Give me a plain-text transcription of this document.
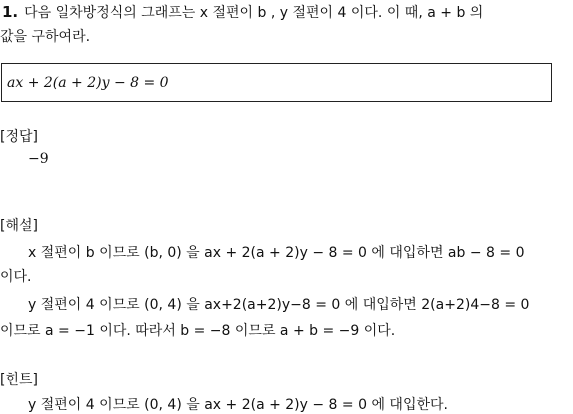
1. 다음 일차방정식의 그래프는 x 절편이 b , y 절편이 4 이다. 이 때, a + b 의
값을 구하여라.
ax + 2(a + 2)y − 8 = 0
[정답]
−9
[해설]
x 절편이 b 이므로 (b, 0) 을 ax + 2(a + 2)y − 8 = 0 에 대입하면 ab − 8 = 0
이다.
y 절편이 4 이므로 (0, 4) 을 ax+2(a+2)y−8 = 0 에 대입하면 2(a+2)4−8 = 0
이므로 a = −1 이다. 따라서 b = −8 이므로 a + b = −9 이다.
[힌트]
y 절편이 4 이므로 (0, 4) 을 ax + 2(a + 2)y − 8 = 0 에 대입한다.
